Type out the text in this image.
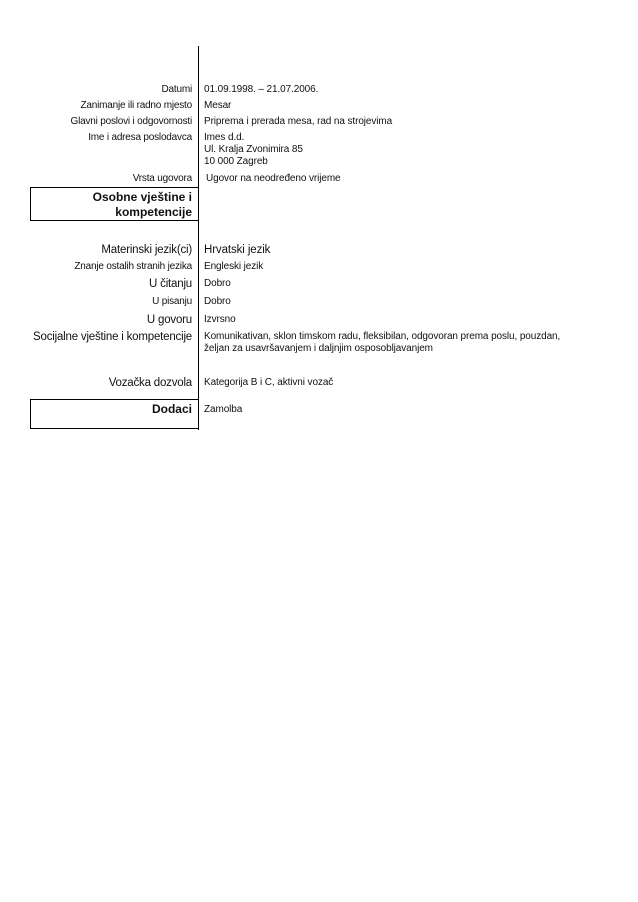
Datumi 01.09.1998. – 21.07.2006.
Zanimanje ili radno mjesto Mesar
Glavni poslovi i odgovornosti Priprema i prerada mesa, rad na strojevima
Ime i adresa poslodavca Imes d.d.
Ul. Kralja Zvonimira 85
10 000 Zagreb
Vrsta ugovora Ugovor na neodređeno vrijeme
Osobne vještine i
kompetencije
Materinski jezik(ci) Hrvatski jezik
Znanje ostalih stranih jezika Engleski jezik
U čitanju Dobro
U pisanju Dobro
U govoru Izvrsno
Socijalne vještine i kompetencije Komunikativan, sklon timskom radu, fleksibilan, odgovoran prema poslu, pouzdan, željan za usavršavanjem i daljnjim osposobljavanjem
Vozačka dozvola Kategorija B i C, aktivni vozač
Dodaci Zamolba
